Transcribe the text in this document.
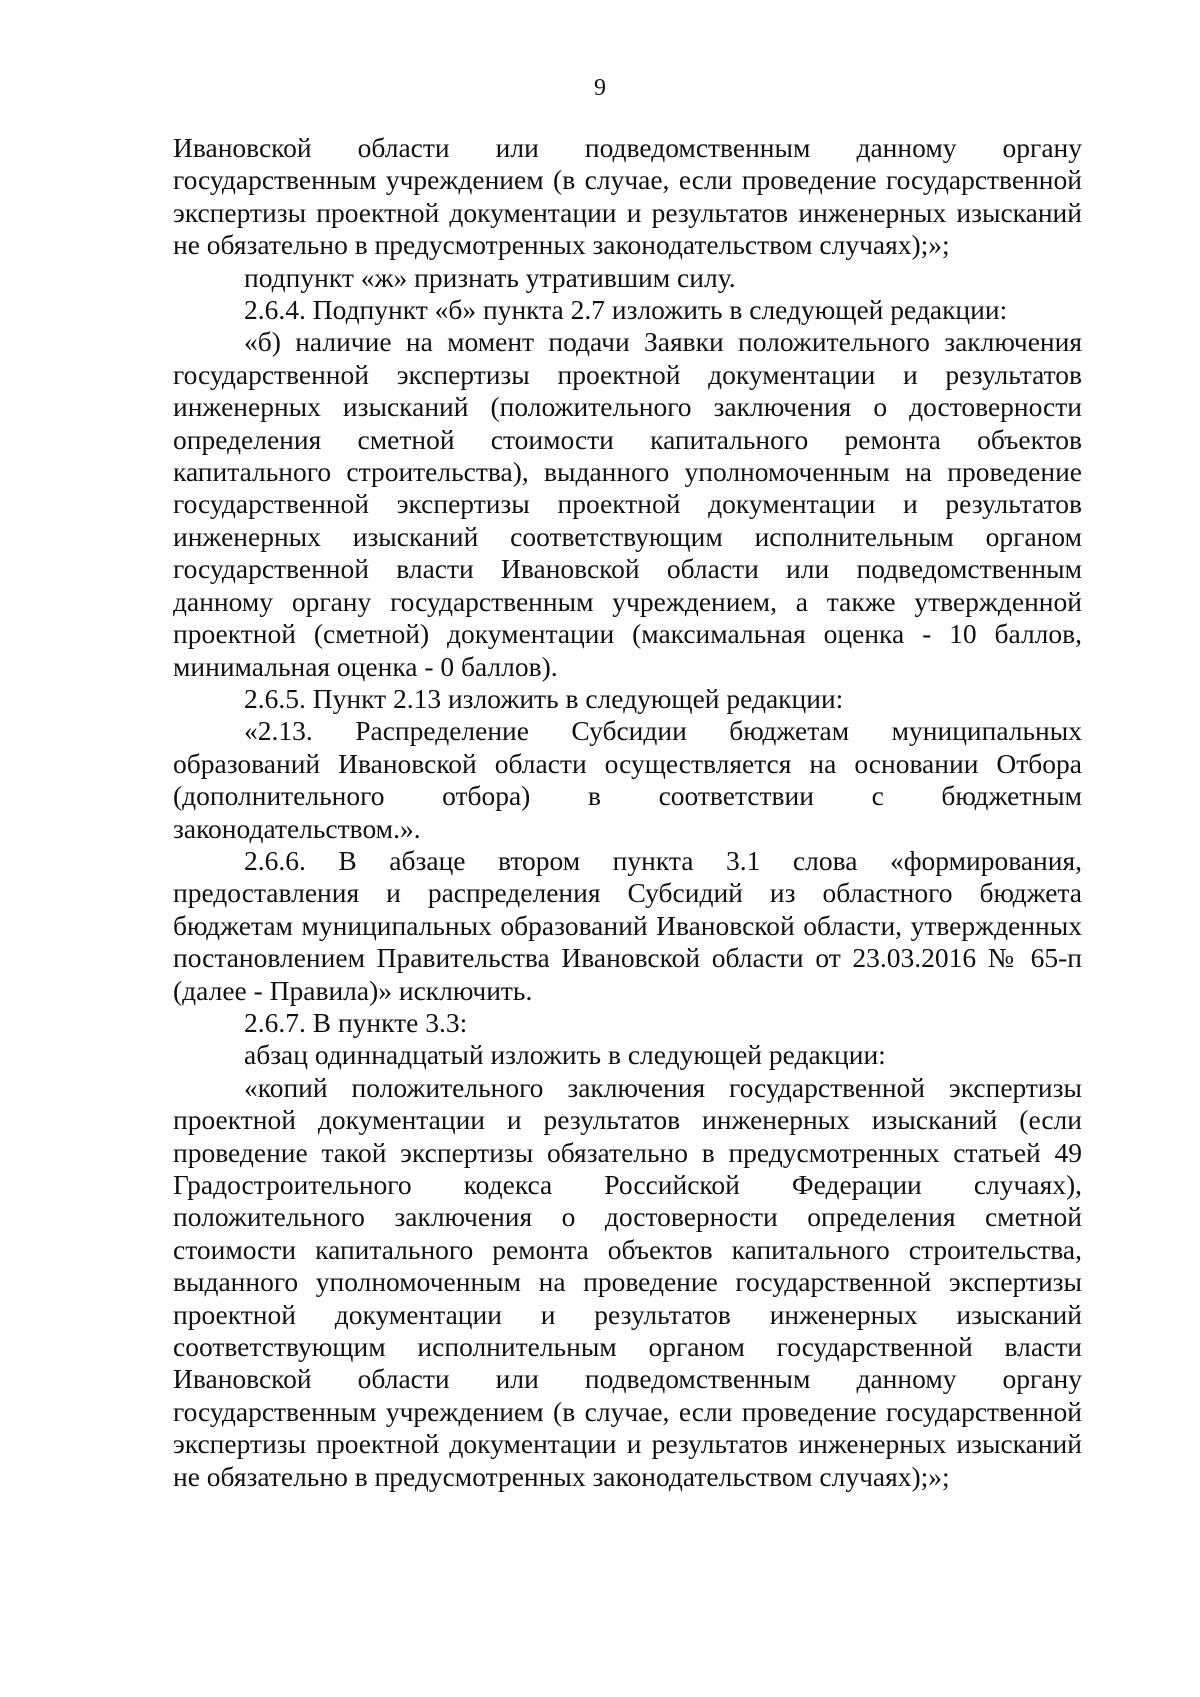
9

Ивановской области или подведомственным данному органу государственным учреждением (в случае, если проведение государственной экспертизы проектной документации и результатов инженерных изысканий не обязательно в предусмотренных законодательством случаях);»;

подпункт «ж» признать утратившим силу.

2.6.4. Подпункт «б» пункта 2.7 изложить в следующей редакции:

«б) наличие на момент подачи Заявки положительного заключения государственной экспертизы проектной документации и результатов инженерных изысканий (положительного заключения о достоверности определения сметной стоимости капитального ремонта объектов капитального строительства), выданного уполномоченным на проведение государственной экспертизы проектной документации и результатов инженерных изысканий соответствующим исполнительным органом государственной власти Ивановской области или подведомственным данному органу государственным учреждением, а также утвержденной проектной (сметной) документации (максимальная оценка - 10 баллов, минимальная оценка - 0 баллов).

2.6.5. Пункт 2.13 изложить в следующей редакции:

«2.13. Распределение Субсидии бюджетам муниципальных образований Ивановской области осуществляется на основании Отбора (дополнительного отбора) в соответствии с бюджетным законодательством.».

2.6.6. В абзаце втором пункта 3.1 слова «формирования, предоставления и распределения Субсидий из областного бюджета бюджетам муниципальных образований Ивановской области, утвержденных постановлением Правительства Ивановской области от 23.03.2016 № 65-п (далее - Правила)» исключить.

2.6.7. В пункте 3.3:

абзац одиннадцатый изложить в следующей редакции:

«копий положительного заключения государственной экспертизы проектной документации и результатов инженерных изысканий (если проведение такой экспертизы обязательно в предусмотренных статьей 49 Градостроительного кодекса Российской Федерации случаях), положительного заключения о достоверности определения сметной стоимости капитального ремонта объектов капитального строительства, выданного уполномоченным на проведение государственной экспертизы проектной документации и результатов инженерных изысканий соответствующим исполнительным органом государственной власти Ивановской области или подведомственным данному органу государственным учреждением (в случае, если проведение государственной экспертизы проектной документации и результатов инженерных изысканий не обязательно в предусмотренных законодательством случаях);»;
